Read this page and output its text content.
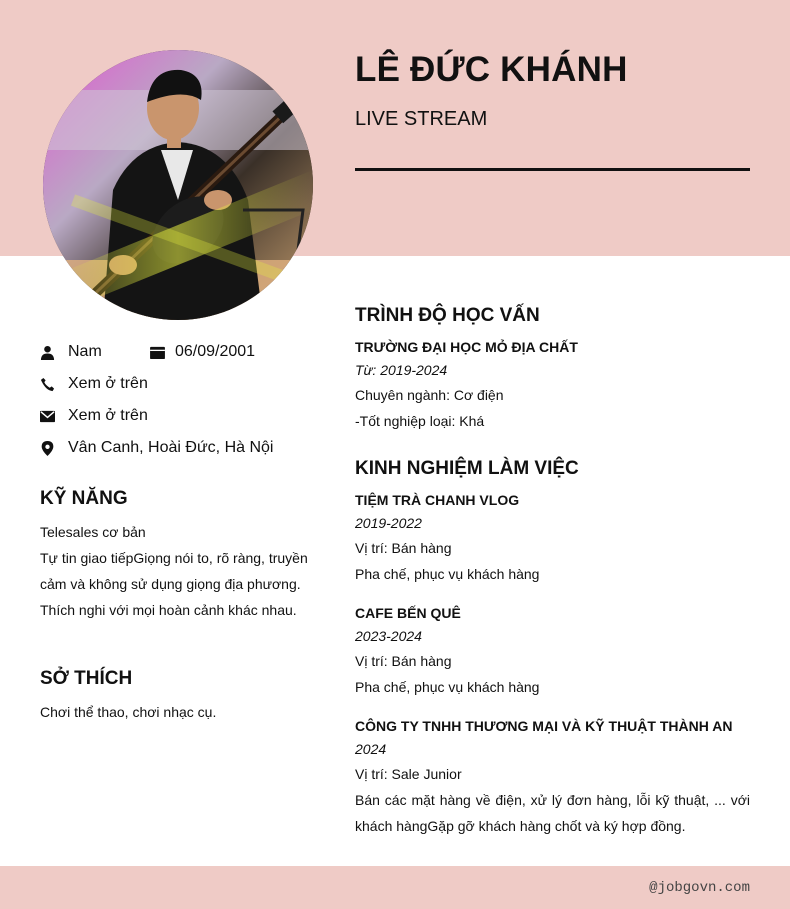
LÊ ĐỨC KHÁNH
LIVE STREAM
Nam	06/09/2001
Xem ở trên
Xem ở trên
Vân Canh, Hoài Đức, Hà Nội
KỸ NĂNG
Telesales cơ bản
Tự tin giao tiếpGiọng nói to, rõ ràng, truyền cảm và không sử dụng giọng địa phương. Thích nghi với mọi hoàn cảnh khác nhau.
SỞ THÍCH
Chơi thể thao, chơi nhạc cụ.
TRÌNH ĐỘ HỌC VẤN
TRƯỜNG ĐẠI HỌC MỎ ĐỊA CHẤT
Từ: 2019-2024
Chuyên ngành: Cơ điện
-Tốt nghiệp loại: Khá
KINH NGHIỆM LÀM VIỆC
TIỆM TRÀ CHANH VLOG
2019-2022
Vị trí: Bán hàng
Pha chế, phục vụ khách hàng
CAFE BẾN QUÊ
2023-2024
Vị trí: Bán hàng
Pha chế, phục vụ khách hàng
CÔNG TY TNHH THƯƠNG MẠI VÀ KỸ THUẬT THÀNH AN
2024
Vị trí: Sale Junior
Bán các mặt hàng về điện, xử lý đơn hàng, lỗi kỹ thuật, ... với khách hàngGặp gỡ khách hàng chốt và ký hợp đồng.
@jobgovn.com
